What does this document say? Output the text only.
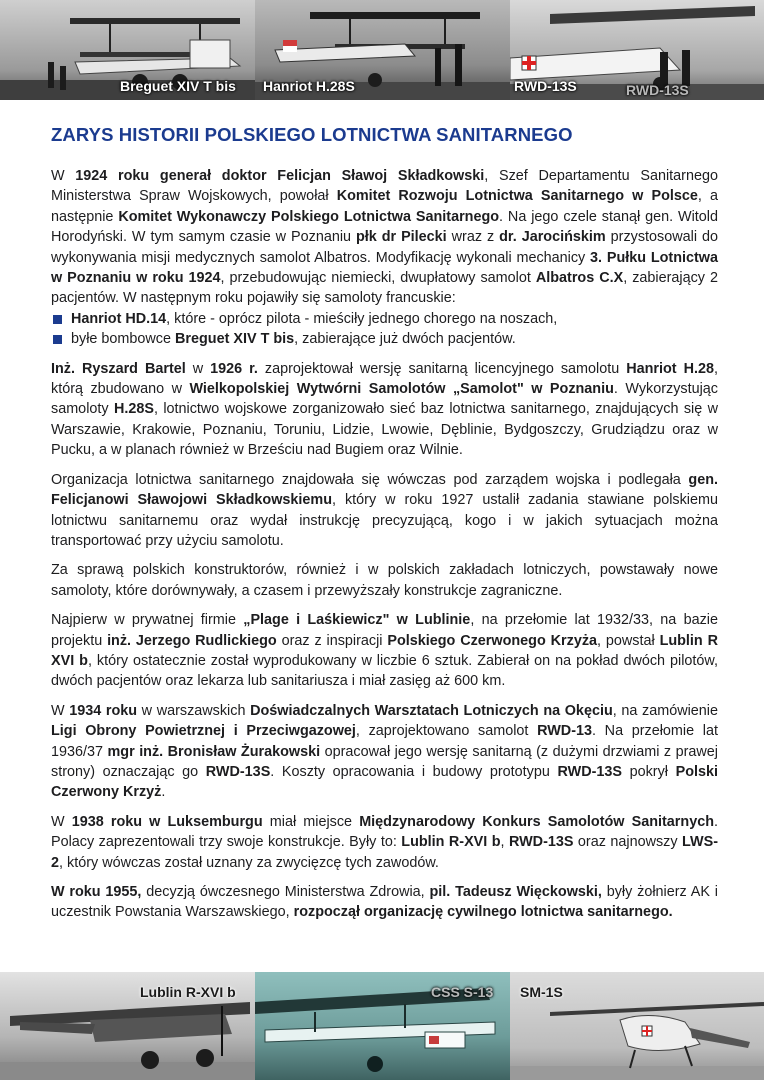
Breguet XIV T bis Hanriot H.28S	RWD-13S	RWD-13S
ZARYS HISTORII POLSKIEGO LOTNICTWA SANITARNEGO

W 1924 roku generał doktor Felicjan Sławoj Składkowski, Szef Departamentu Sanitarnego Ministerstwa Spraw Wojskowych, powołał Komitet Rozwoju Lotnictwa Sanitarnego w Polsce, a następnie Komitet Wykonawczy Polskiego Lotnictwa Sanitarnego. Na jego czele stanął gen. Witold Horodyński. W tym samym czasie w Poznaniu płk dr Pilecki wraz z dr. Jarocińskim przystosowali do wykonywania misji medycznych samolot Albatros. Modyfikację wykonali mechanicy 3. Pułku Lotnictwa w Poznaniu w roku 1924, przebudowując niemiecki, dwupłatowy samolot Albatros C.X, zabierający 2 pacjentów. W następnym roku pojawiły się samoloty francuskie:

Hanriot HD.14, które - oprócz pilota - mieściły jednego chorego na noszach,
byłe bombowce Breguet XIV T bis, zabierające już dwóch pacjentów.

Inż. Ryszard Bartel w 1926 r. zaprojektował wersję sanitarną licencyjnego samolotu Hanriot H.28, którą zbudowano w Wielkopolskiej Wytwórni Samolotów „Samolot" w Poznaniu. Wykorzystując samoloty H.28S, lotnictwo wojskowe zorganizowało sieć baz lotnictwa sanitarnego, znajdujących się w Warszawie, Krakowie, Poznaniu, Toruniu, Lidzie, Lwowie, Dęblinie, Bydgoszczy, Grudziądzu oraz w Pucku, a w planach również w Brześciu nad Bugiem oraz Wilnie.

Organizacja lotnictwa sanitarnego znajdowała się wówczas pod zarządem wojska i podlegała gen. Felicjanowi Sławojowi Składkowskiemu, który w roku 1927 ustalił zadania stawiane polskiemu lotnictwu sanitarnemu oraz wydał instrukcję precyzującą, kogo i w jakich sytuacjach można transportować przy użyciu samolotu.

Za sprawą polskich konstruktorów, również i w polskich zakładach lotniczych, powstawały nowe samoloty, które dorównywały, a czasem i przewyższały konstrukcje zagraniczne.

Najpierw w prywatnej firmie „Plage i Laśkiewicz" w Lublinie, na przełomie lat 1932/33, na bazie projektu inż. Jerzego Rudlickiego oraz z inspiracji Polskiego Czerwonego Krzyża, powstał Lublin R XVI b, który ostatecznie został wyprodukowany w liczbie 6 sztuk. Zabierał on na pokład dwóch pilotów, dwóch pacjentów oraz lekarza lub sanitariusza i miał zasięg aż 600 km.

W 1934 roku w warszawskich Doświadczalnych Warsztatach Lotniczych na Okęciu, na zamówienie Ligi Obrony Powietrznej i Przeciwgazowej, zaprojektowano samolot RWD-13. Na przełomie lat 1936/37 mgr inż. Bronisław Żurakowski opracował jego wersję sanitarną (z dużymi drzwiami z prawej strony) oznaczając go RWD-13S. Koszty opracowania i budowy prototypu RWD-13S pokrył Polski Czerwony Krzyż.

W 1938 roku w Luksemburgu miał miejsce Międzynarodowy Konkurs Samolotów Sanitarnych. Polacy zaprezentowali trzy swoje konstrukcje. Były to: Lublin R-XVI b, RWD-13S oraz najnowszy LWS-2, który wówczas został uznany za zwycięzcę tych zawodów.

W roku 1955, decyzją ówczesnego Ministerstwa Zdrowia, pil. Tadeusz Więckowski, były żołnierz AK i uczestnik Powstania Warszawskiego, rozpoczął organizację cywilnego lotnictwa sanitarnego.

Lublin R-XVI b	CSS S-13 SM-1S
